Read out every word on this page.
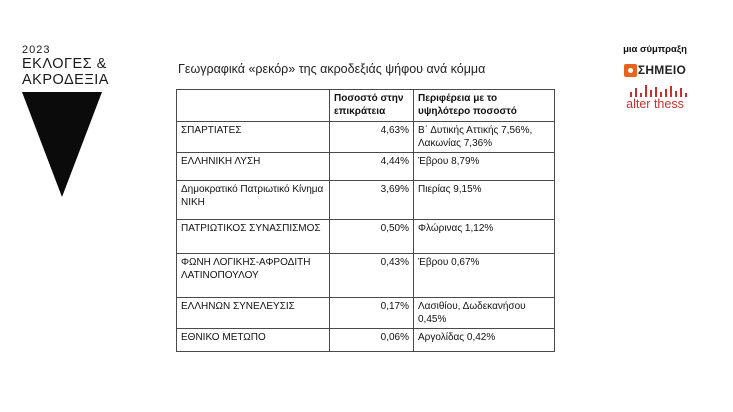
2023
ΕΚΛΟΓΕΣ &
ΑΚΡΟΔΕΞΙΑ
Γεωγραφικά «ρεκόρ» της ακροδεξιάς ψήφου ανά κόμμα
μια σύμπραξη
ΣΗΜΕΙΟ
alter thess
	Ποσοστό στην επικράτεια	Περιφέρεια με το υψηλότερο ποσοστό
ΣΠΑΡΤΙΑΤΕΣ	4,63%	Β΄ Δυτικής Αττικής 7,56%, Λακωνίας 7,36%
ΕΛΛΗΝΙΚΗ ΛΥΣΗ	4,44%	Έβρου 8,79%
Δημοκρατικό Πατριωτικό Κίνημα ΝΙΚΗ	3,69%	Πιερίας 9,15%
ΠΑΤΡΙΩΤΙΚΟΣ ΣΥΝΑΣΠΙΣΜΟΣ	0,50%	Φλώρινας 1,12%
ΦΩΝΗ ΛΟΓΙΚΗΣ-ΑΦΡΟΔΙΤΗ ΛΑΤΙΝΟΠΟΥΛΟΥ	0,43%	Έβρου 0,67%
ΕΛΛΗΝΩΝ ΣΥΝΕΛΕΥΣΙΣ	0,17%	Λασιθίου, Δωδεκανήσου 0,45%
ΕΘΝΙΚΟ ΜΕΤΩΠΟ	0,06%	Αργολίδας 0,42%
